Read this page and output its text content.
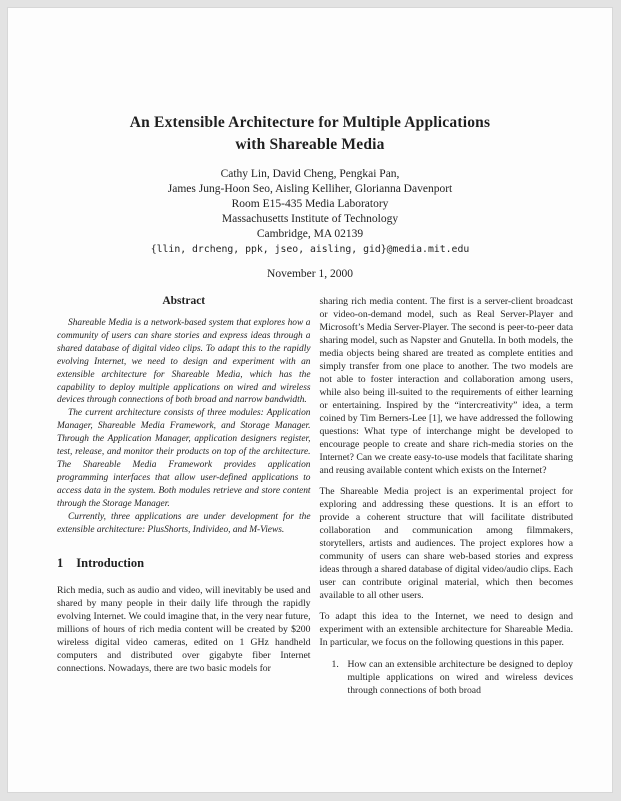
An Extensible Architecture for Multiple Applications
with Shareable Media
Cathy Lin, David Cheng, Pengkai Pan,
James Jung-Hoon Seo, Aisling Kelliher, Glorianna Davenport
Room E15-435 Media Laboratory
Massachusetts Institute of Technology
Cambridge, MA 02139
{llin, drcheng, ppk, jseo, aisling, gid}@media.mit.edu
November 1, 2000
Abstract

Shareable Media is a network-based system that explores how a community of users can share stories and express ideas through a shared database of digital video clips. To adapt this to the rapidly evolving Internet, we need to design and experiment with an extensible architecture for Shareable Media, which has the capability to deploy multiple applications on wired and wireless devices through connections of both broad and narrow bandwidth.

The current architecture consists of three modules: Application Manager, Shareable Media Framework, and Storage Manager. Through the Application Manager, application designers register, test, release, and monitor their products on top of the architecture. The Shareable Media Framework provides application programming interfaces that allow user-defined applications to access data in the system. Both modules retrieve and store content through the Storage Manager.

Currently, three applications are under development for the extensible architecture: PlusShorts, Individeo, and M-Views.

1 Introduction

Rich media, such as audio and video, will inevitably be used and shared by many people in their daily life through the rapidly evolving Internet. We could imagine that, in the very near future, millions of hours of rich media content will be created by $200 wireless digital video cameras, edited on 1 GHz handheld computers and distributed over gigabyte fiber Internet connections. Nowadays, there are two basic models for

sharing rich media content. The first is a server-client broadcast or video-on-demand model, such as Real Server-Player and Microsoft’s Media Server-Player. The second is peer-to-peer data sharing model, such as Napster and Gnutella. In both models, the media objects being shared are treated as complete entities and simply transfer from one place to another. The two models are not able to foster interaction and collaboration among users, while also being ill-suited to the requirements of either learning or entertaining. Inspired by the “intercreativity” idea, a term coined by Tim Berners-Lee [1], we have addressed the following questions: What type of interchange might be developed to encourage people to create and share rich-media stories on the Internet? Can we create easy-to-use models that facilitate sharing and reusing available content which exists on the Internet?

The Shareable Media project is an experimental project for exploring and addressing these questions. It is an effort to provide a coherent structure that will facilitate distributed collaboration and communication among filmmakers, storytellers, artists and audiences. The project explores how a community of users can share web-based stories and express ideas through a shared database of digital video/audio clips. Each user can contribute original material, which then becomes available to all other users.

To adapt this idea to the Internet, we need to design and experiment with an extensible architecture for Shareable Media. In particular, we focus on the following questions in this paper.

1. How can an extensible architecture be designed to deploy multiple applications on wired and wireless devices through connections of both broad
